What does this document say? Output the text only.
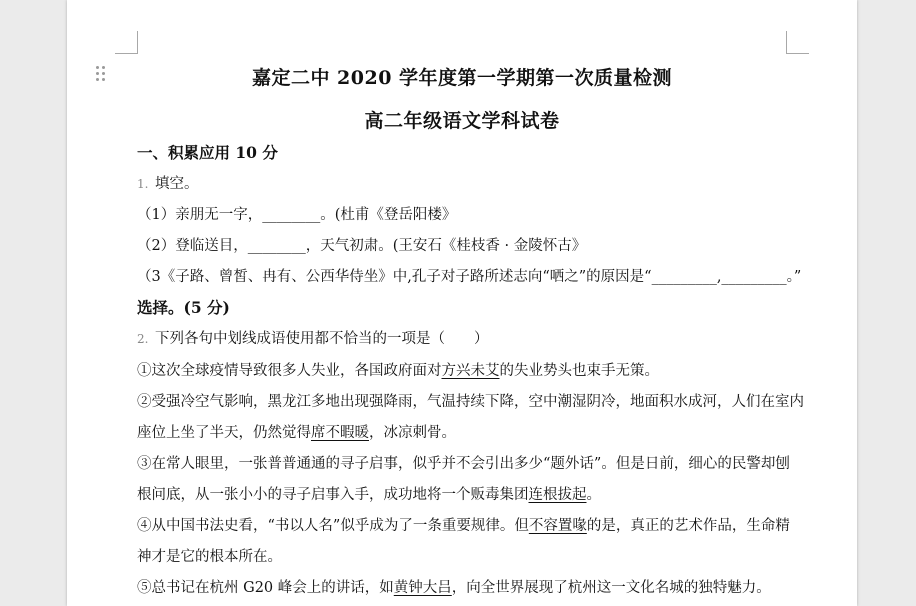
嘉定二中 2020 学年度第一学期第一次质量检测
高二年级语文学科试卷
一、积累应用 10 分
1. 填空。
（1）亲朋无一字，________。(杜甫《登岳阳楼》
（2）登临送目，________，天气初肃。(王安石《桂枝香 · 金陵怀古》
（3《子路、曾皙、冉有、公西华侍坐》中,孔子对子路所述志向“哂之”的原因是“_________,_________。”
选择。(5 分)
2. 下列各句中划线成语使用都不恰当的一项是（　　）
①这次全球疫情导致很多人失业，各国政府面对方兴未艾的失业势头也束手无策。
②受强冷空气影响，黑龙江多地出现强降雨，气温持续下降，空中潮湿阴冷，地面积水成河，人们在室内
座位上坐了半天，仍然觉得席不暇暖，冰凉刺骨。
③在常人眼里，一张普普通通的寻子启事，似乎并不会引出多少“题外话”。但是日前，细心的民警却刨
根问底，从一张小小的寻子启事入手，成功地将一个贩毒集团连根拔起。
④从中国书法史看，“书以人名”似乎成为了一条重要规律。但不容置喙的是，真正的艺术作品，生命精
神才是它的根本所在。
⑤总书记在杭州 G20 峰会上的讲话，如黄钟大吕，向全世界展现了杭州这一文化名城的独特魅力。
